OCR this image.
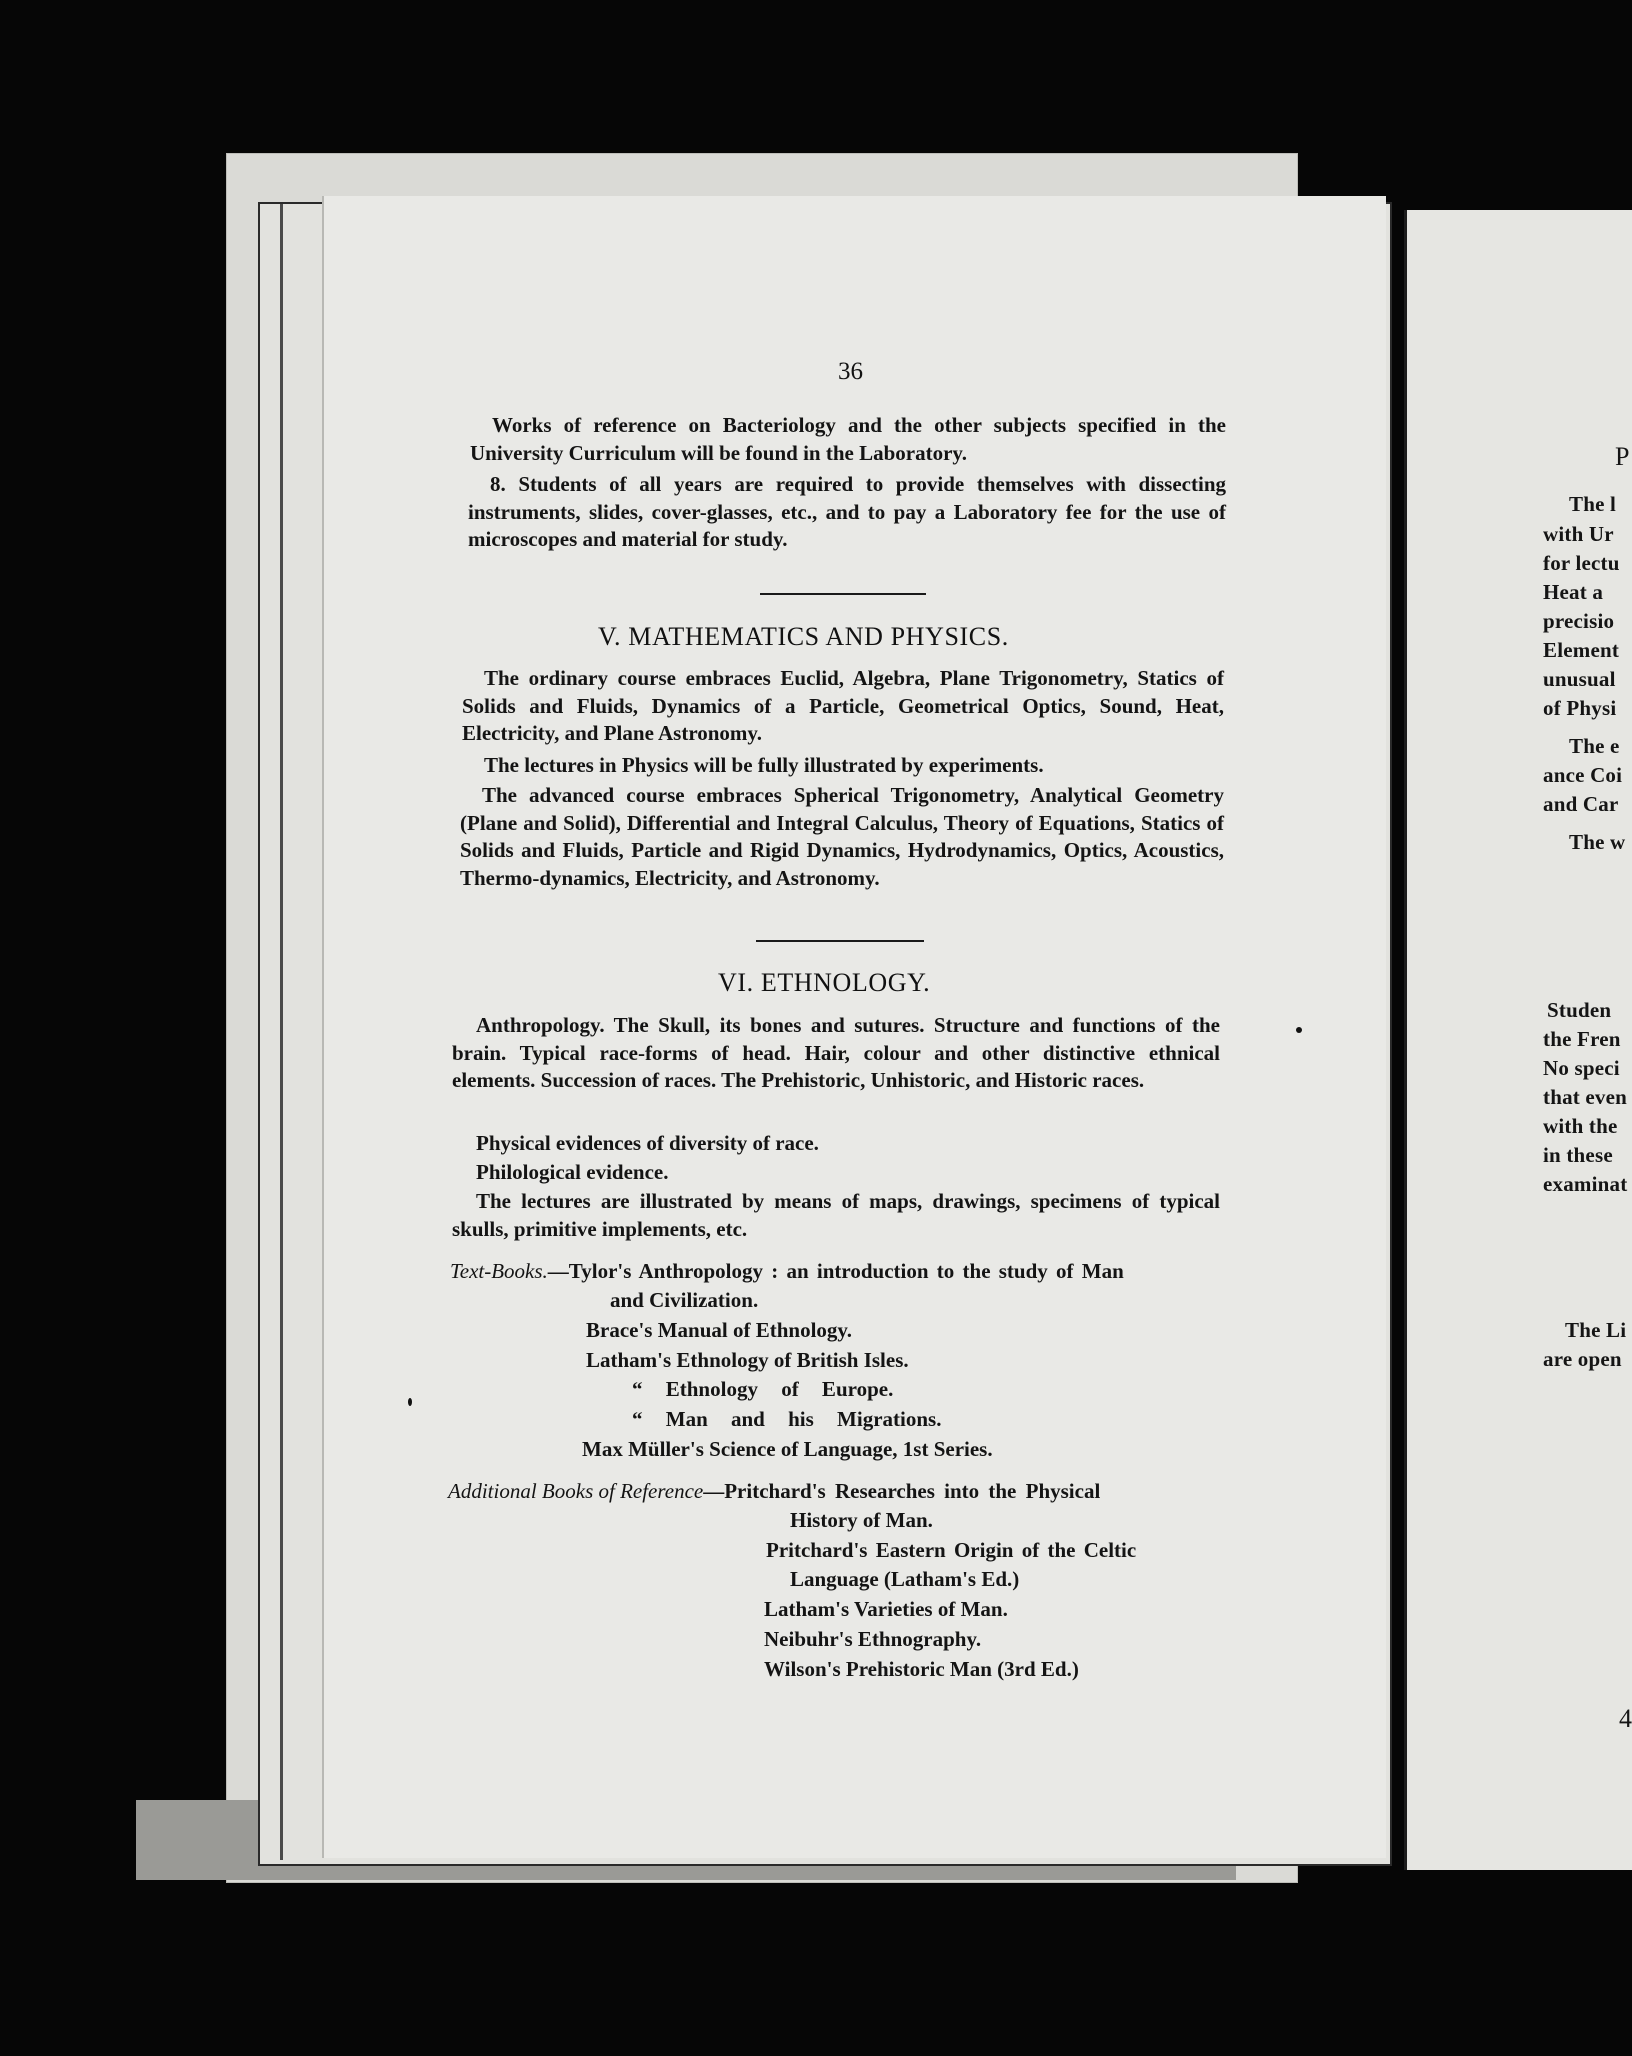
P
The l
with Ur
for lectu
Heat a
precisio
Element
unusual
of Physi
The e
ance Coi
and Car
The w
Studen
the Fren
No speci
that even
with the
in these
examinat
The Li
are open
4
36

Works of reference on Bacteriology and the other subjects specified in the University Curriculum will be found in the Laboratory.

8. Students of all years are required to provide themselves with dissecting instruments, slides, cover-glasses, etc., and to pay a Laboratory fee for the use of microscopes and material for study.

V. MATHEMATICS AND PHYSICS.

The ordinary course embraces Euclid, Algebra, Plane Trigonometry, Statics of Solids and Fluids, Dynamics of a Particle, Geometrical Optics, Sound, Heat, Electricity, and Plane Astronomy.

The lectures in Physics will be fully illustrated by experiments.

The advanced course embraces Spherical Trigonometry, Analytical Geometry (Plane and Solid), Differential and Integral Calculus, Theory of Equations, Statics of Solids and Fluids, Particle and Rigid Dynamics, Hydrodynamics, Optics, Acoustics, Thermo-dynamics, Electricity, and Astronomy.

VI. ETHNOLOGY.

Anthropology. The Skull, its bones and sutures. Structure and functions of the brain. Typical race-forms of head. Hair, colour and other distinctive ethnical elements. Succession of races. The Prehistoric, Unhistoric, and Historic races.

Physical evidences of diversity of race.

Philological evidence.

The lectures are illustrated by means of maps, drawings, specimens of typical skulls, primitive implements, etc.

Text-Books.—Tylor's Anthropology : an introduction to the study of Man
and Civilization.
Brace's Manual of Ethnology.
Latham's Ethnology of British Isles.
“ Ethnology of Europe.
“ Man and his Migrations.
Max Müller's Science of Language, 1st Series.
Additional Books of Reference—Pritchard's Researches into the Physical
History of Man.
Pritchard's Eastern Origin of the Celtic
Language (Latham's Ed.)
Latham's Varieties of Man.
Neibuhr's Ethnography.
Wilson's Prehistoric Man (3rd Ed.)
